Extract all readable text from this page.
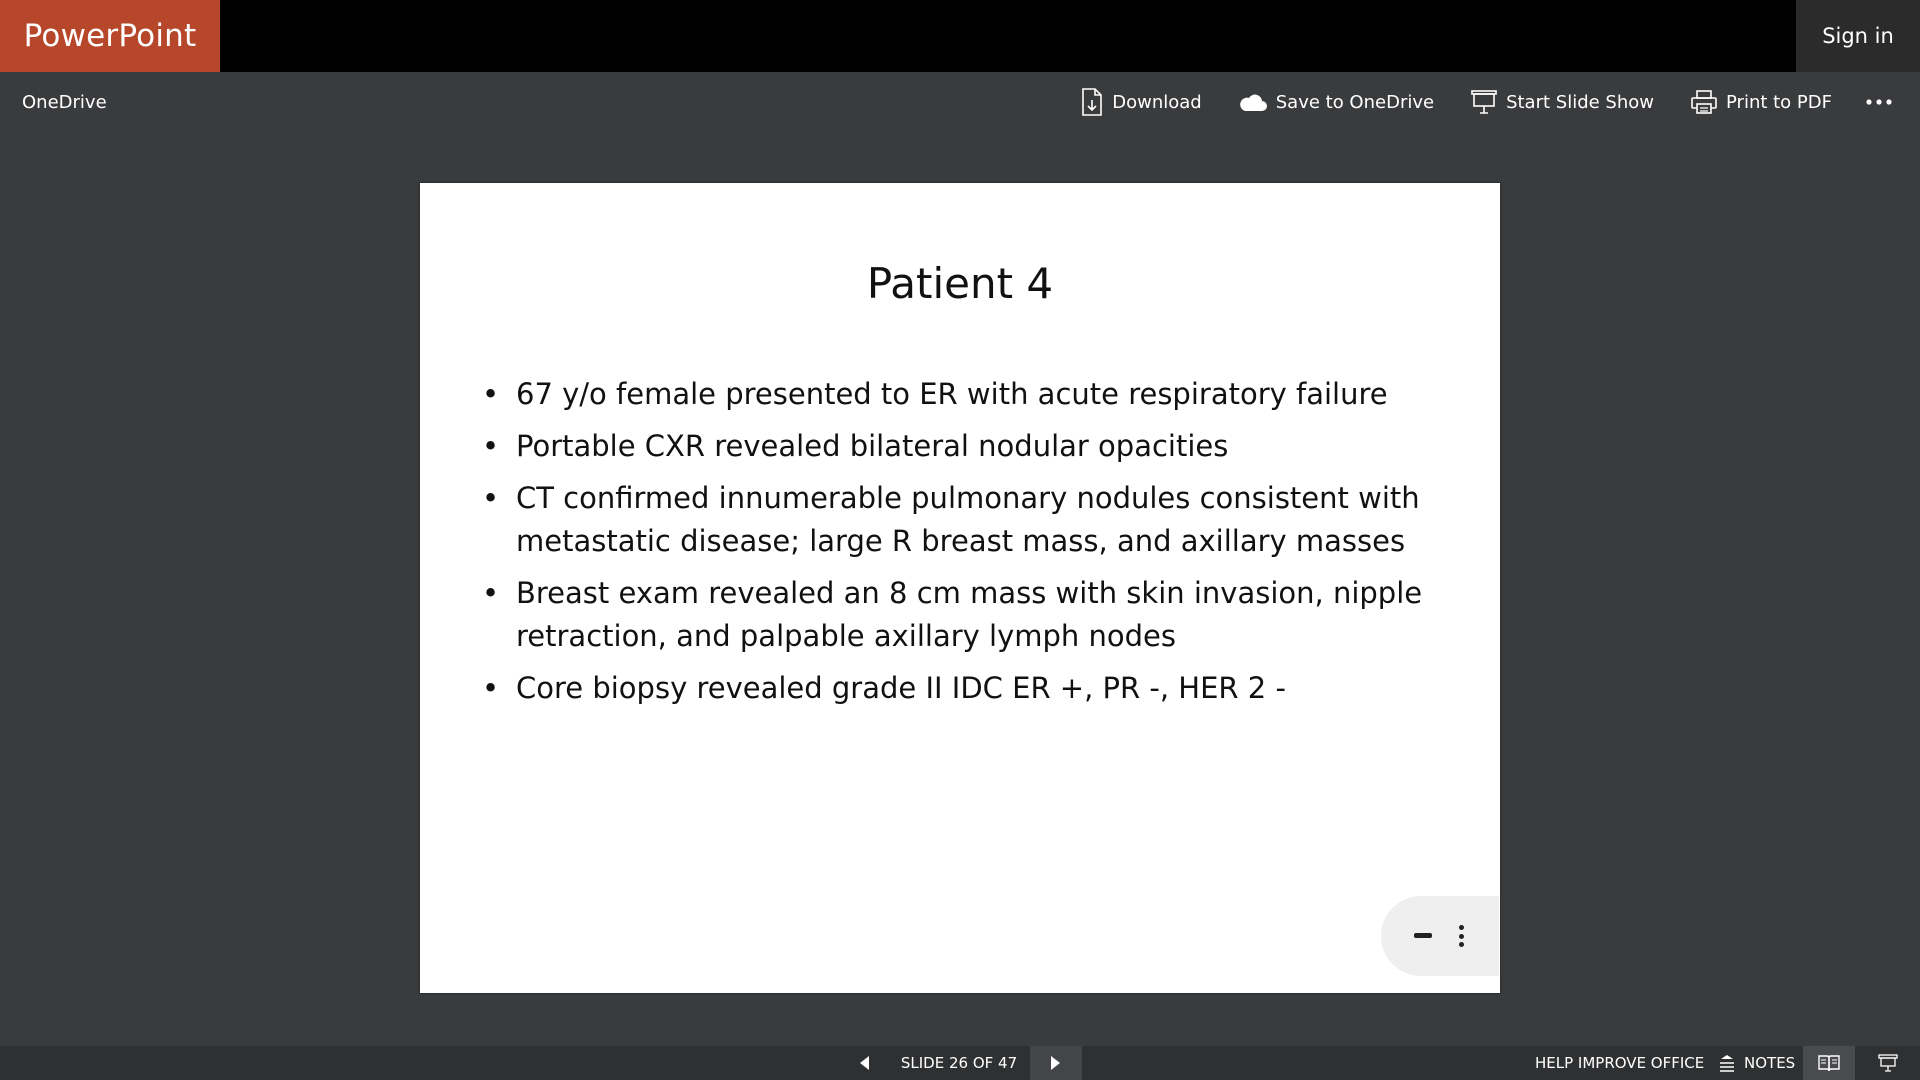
PowerPoint	Sign in
OneDrive	Download	Save to OneDrive	Start Slide Show	Print to PDF
Patient 4
• 67 y/o female presented to ER with acute respiratory failure
• Portable CXR revealed bilateral nodular opacities
• CT confirmed innumerable pulmonary nodules consistent with metastatic disease; large R breast mass, and axillary masses
• Breast exam revealed an 8 cm mass with skin invasion, nipple retraction, and palpable axillary lymph nodes
• Core biopsy revealed grade II IDC ER +, PR -, HER 2 -
SLIDE 26 OF 47	HELP IMPROVE OFFICE	NOTES
